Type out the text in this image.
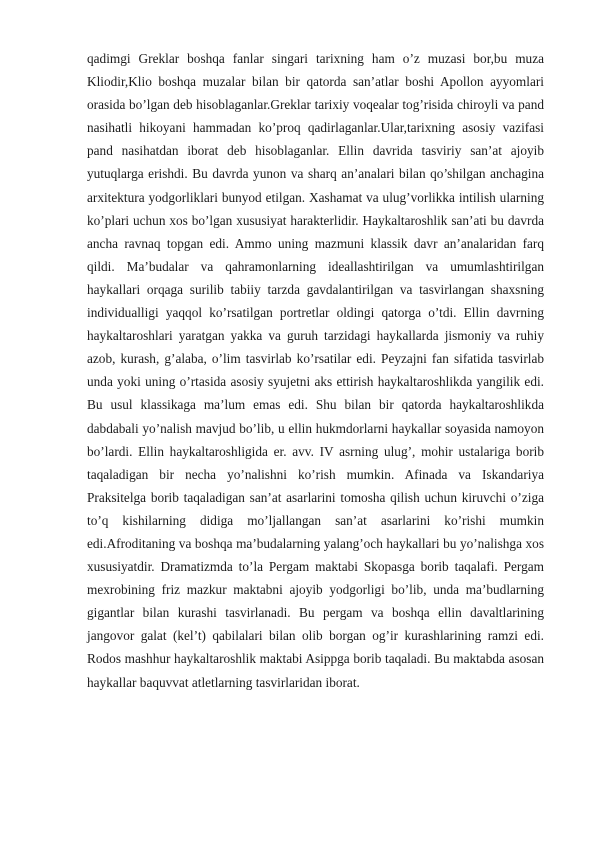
qadimgi Greklar boshqa fanlar singari tarixning ham o’z muzasi bor,bu muza Kliodir,Klio boshqa muzalar bilan bir qatorda san’atlar boshi Apollon ayyomlari orasida bo’lgan deb hisoblaganlar.Greklar tarixiy voqealar tog’risida chiroyli va pand nasihatli hikoyani hammadan ko’proq qadirlaganlar.Ular,tarixning asosiy vazifasi pand nasihatdan iborat deb hisoblaganlar. Ellin davrida tasviriy san’at ajoyib yutuqlarga erishdi. Bu davrda yunon va sharq an’analari bilan qo’shilgan anchagina arxitektura yodgorliklari bunyod etilgan. Xashamat va ulug’vorlikka intilish ularning ko’plari uchun xos bo’lgan xususiyat harakterlidir. Haykaltaroshlik san’ati bu davrda ancha ravnaq topgan edi. Ammo uning mazmuni klassik davr an’analaridan farq qildi. Ma’budalar va qahramonlarning ideallashtirilgan va umumlashtirilgan haykallari orqaga surilib tabiiy tarzda gavdalantirilgan va tasvirlangan shaxsning individualligi yaqqol ko’rsatilgan portretlar oldingi qatorga o’tdi. Ellin davrning haykaltaroshlari yaratgan yakka va guruh tarzidagi haykallarda jismoniy va ruhiy azob, kurash, g’alaba, o’lim tasvirlab ko’rsatilar edi. Peyzajni fan sifatida tasvirlab unda yoki uning o’rtasida asosiy syujetni aks ettirish haykaltaroshlikda yangilik edi. Bu usul klassikaga ma’lum emas edi. Shu bilan bir qatorda haykaltaroshlikda dabdabali yo’nalish mavjud bo’lib, u ellin hukmdorlarni haykallar soyasida namoyon bo’lardi. Ellin haykaltaroshligida er. avv. IV asrning ulug’, mohir ustalariga borib taqaladigan bir necha yo’nalishni ko’rish mumkin. Afinada va Iskandariya Praksitelga borib taqaladigan san’at asarlarini tomosha qilish uchun kiruvchi o’ziga to’q kishilarning didiga mo’ljallangan san’at asarlarini ko’rishi mumkin edi.Afroditaning va boshqa ma’budalarning yalang’och haykallari bu yo’nalishga xos xususiyatdir. Dramatizmda to’la Pergam maktabi Skopasga borib taqalafi. Pergam mexrobining friz mazkur maktabni ajoyib yodgorligi bo’lib, unda ma’budlarning gigantlar bilan kurashi tasvirlanadi. Bu pergam va boshqa ellin davaltlarining jangovor galat (kel’t) qabilalari bilan olib borgan og’ir kurashlarining ramzi edi. Rodos mashhur haykaltaroshlik maktabi Asippga borib taqaladi. Bu maktabda asosan haykallar baquvvat atletlarning tasvirlaridan iborat.
